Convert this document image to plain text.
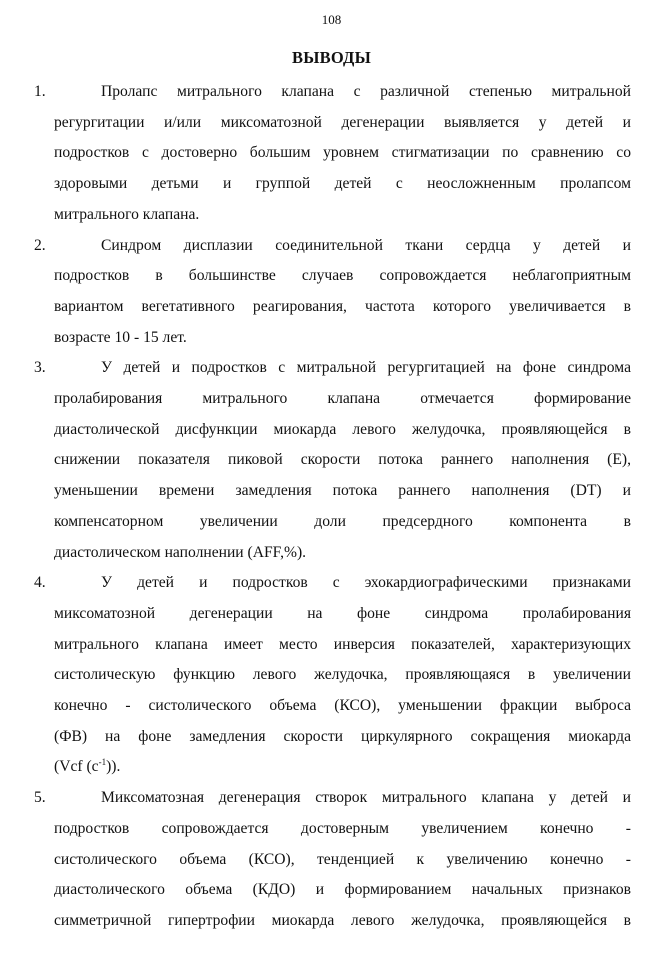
108
ВЫВОДЫ
1.	Пролапс митрального клапана с различной степенью митральной
регургитации и/или миксоматозной дегенерации выявляется у детей и
подростков с достоверно большим уровнем стигматизации по сравнению со
здоровыми детьми и группой детей с неосложненным пролапсом
митрального клапана.
2.	Синдром дисплазии соединительной ткани сердца у детей и
подростков в большинстве случаев сопровождается неблагоприятным
вариантом вегетативного реагирования, частота которого увеличивается в
возрасте 10 - 15 лет.
3.	У детей и подростков с митральной регургитацией на фоне синдрома
пролабирования митрального клапана отмечается формирование
диастолической дисфункции миокарда левого желудочка, проявляющейся в
снижении показателя пиковой скорости потока раннего наполнения (Е),
уменьшении времени замедления потока раннего наполнения (DT) и
компенсаторном увеличении доли предсердного компонента в
диастолическом наполнении (AFF,%).
4.	У детей и подростков с эхокардиографическими признаками
миксоматозной дегенерации на фоне синдрома пролабирования
митрального клапана имеет место инверсия показателей, характеризующих
систолическую функцию левого желудочка, проявляющаяся в увеличении
конечно - систолического объема (КСО), уменьшении фракции выброса
(ФВ) на фоне замедления скорости циркулярного сокращения миокарда
(Vcf $(c^{-1})$).
5.	Миксоматозная дегенерация створок митрального клапана у детей и
подростков сопровождается достоверным увеличением конечно -
систолического объема (КСО), тенденцией к увеличению конечно -
диастолического объема (КДО) и формированием начальных признаков
симметричной гипертрофии миокарда левого желудочка, проявляющейся в
